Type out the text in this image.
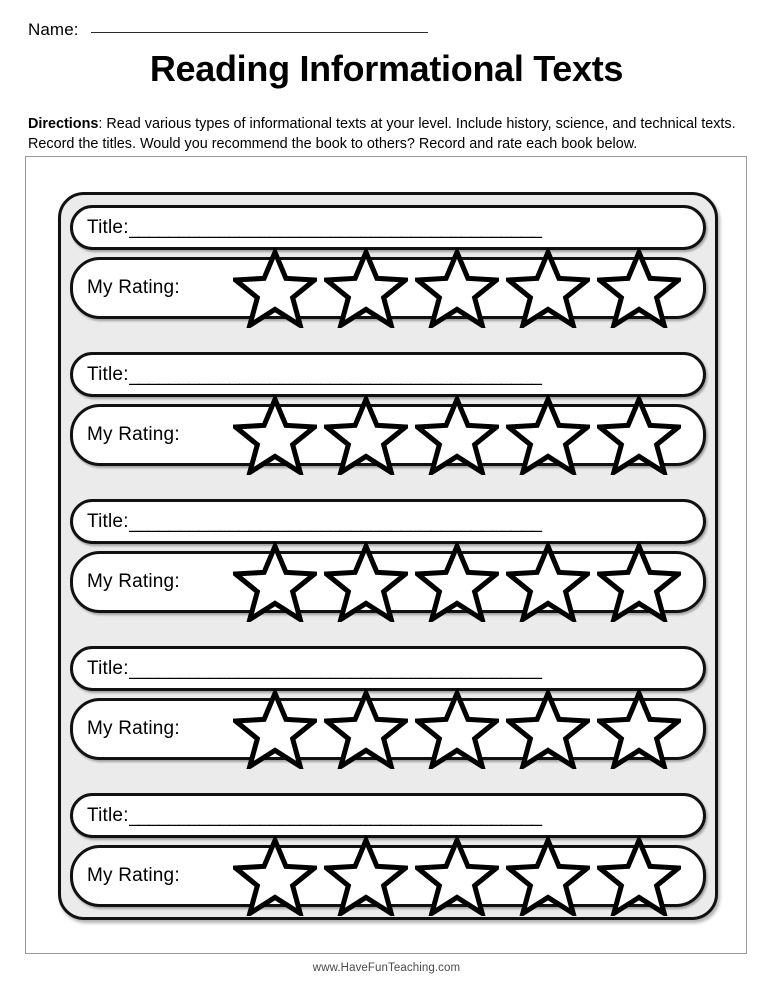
Name:
Reading Informational Texts
Directions: Read various types of informational texts at your level. Include history, science, and technical texts. Record the titles. Would you recommend the book to others? Record and rate each book below.
Title: _________________________________________
My Rating:
Title: _________________________________________
My Rating:
Title: _________________________________________
My Rating:
Title: _________________________________________
My Rating:
Title: _________________________________________
My Rating:
www.HaveFunTeaching.com
